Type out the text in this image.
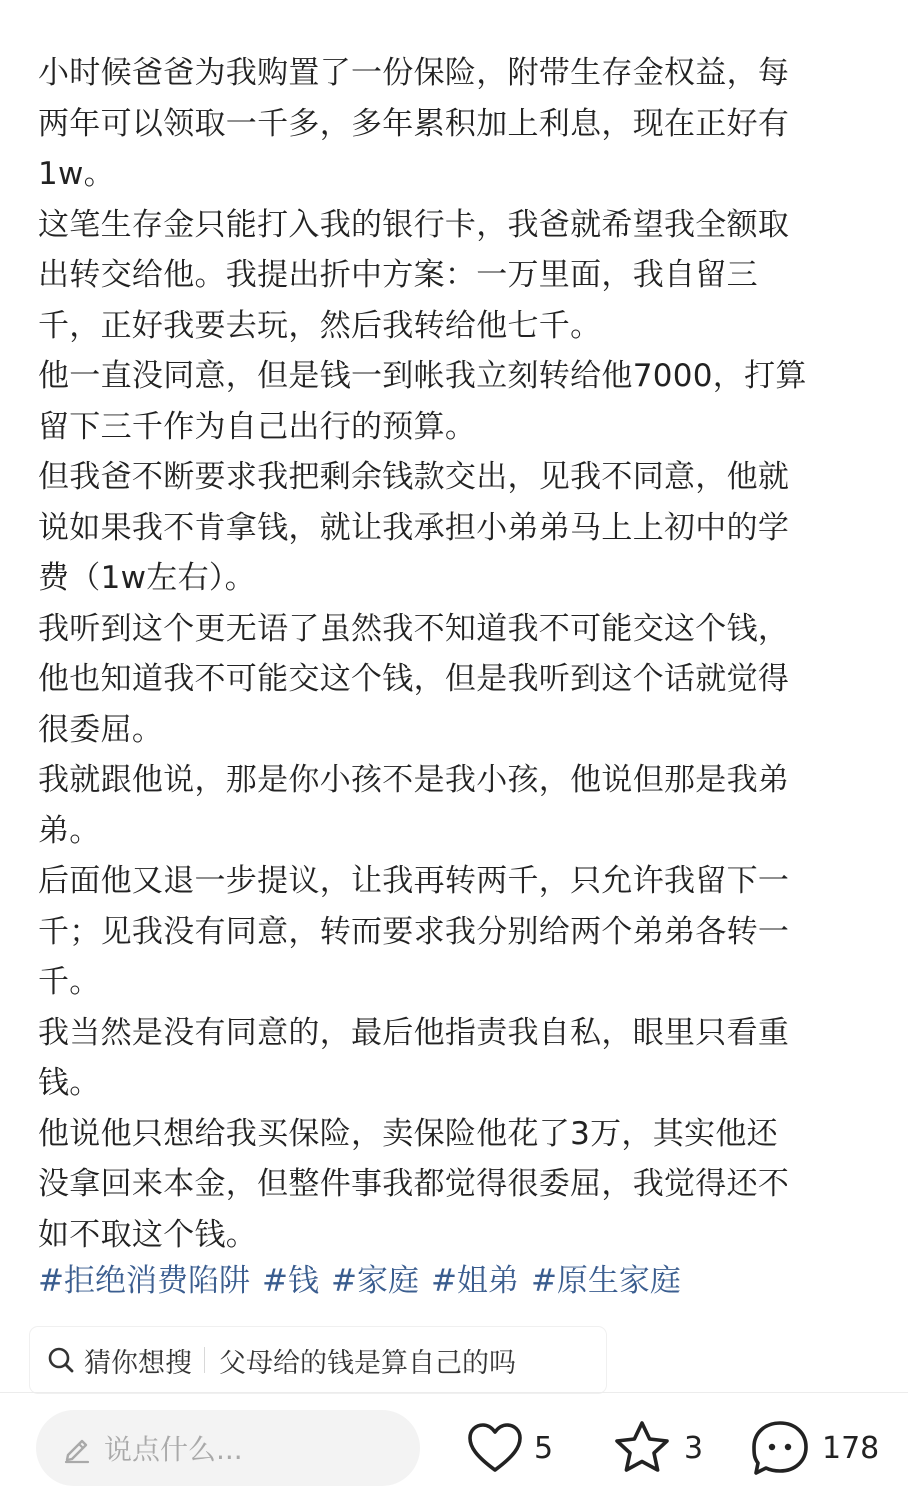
小时候爸爸为我购置了一份保险，附带生存金权益，每
两年可以领取一千多，多年累积加上利息，现在正好有
1w。
这笔生存金只能打入我的银行卡，我爸就希望我全额取
出转交给他。我提出折中方案：一万里面，我自留三
千，正好我要去玩，然后我转给他七千。
他一直没同意，但是钱一到帐我立刻转给他7000，打算
留下三千作为自己出行的预算。
但我爸不断要求我把剩余钱款交出，见我不同意，他就
说如果我不肯拿钱，就让我承担小弟弟马上上初中的学
费（1w左右）。
我听到这个更无语了虽然我不知道我不可能交这个钱，
他也知道我不可能交这个钱，但是我听到这个话就觉得
很委屈。
我就跟他说，那是你小孩不是我小孩，他说但那是我弟
弟。
后面他又退一步提议，让我再转两千，只允许我留下一
千；见我没有同意，转而要求我分别给两个弟弟各转一
千。
我当然是没有同意的，最后他指责我自私，眼里只看重
钱。
他说他只想给我买保险，卖保险他花了3万，其实他还
没拿回来本金，但整件事我都觉得很委屈，我觉得还不
如不取这个钱。
#拒绝消费陷阱 #钱 #家庭 #姐弟 #原生家庭
猜你想搜 父母给的钱是算自己的吗
说点什么...	5	3	178
